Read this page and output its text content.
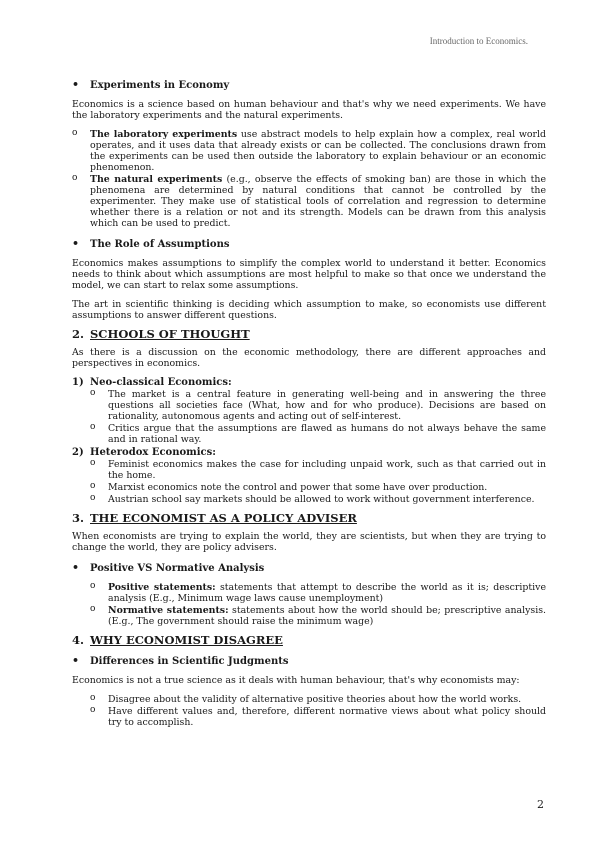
Introduction to Economics.
• Experiments in Economy

Economics is a science based on human behaviour and that's why we need experiments. We have the laboratory experiments and the natural experiments.

o The laboratory experiments use abstract models to help explain how a complex, real world operates, and it uses data that already exists or can be collected. The conclusions drawn from the experiments can be used then outside the laboratory to explain behaviour or an economic phenomenon.
o The natural experiments (e.g., observe the effects of smoking ban) are those in which the phenomena are determined by natural conditions that cannot be controlled by the experimenter. They make use of statistical tools of correlation and regression to determine whether there is a relation or not and its strength. Models can be drawn from this analysis which can be used to predict.
• The Role of Assumptions

Economics makes assumptions to simplify the complex world to understand it better. Economics needs to think about which assumptions are most helpful to make so that once we understand the model, we can start to relax some assumptions.

The art in scientific thinking is deciding which assumption to make, so economists use different assumptions to answer different questions.

2. SCHOOLS OF THOUGHT

As there is a discussion on the economic methodology, there are different approaches and perspectives in economics.

1) Neo-classical Economics:
o The market is a central feature in generating well-being and in answering the three questions all societies face (What, how and for who produce). Decisions are based on rationality, autonomous agents and acting out of self-interest.
o Critics argue that the assumptions are flawed as humans do not always behave the same and in rational way.
2) Heterodox Economics:
o Feminist economics makes the case for including unpaid work, such as that carried out in the home.
o Marxist economics note the control and power that some have over production.
o Austrian school say markets should be allowed to work without government interference.
3. THE ECONOMIST AS A POLICY ADVISER

When economists are trying to explain the world, they are scientists, but when they are trying to change the world, they are policy advisers.

• Positive VS Normative Analysis
o Positive statements: statements that attempt to describe the world as it is; descriptive analysis (E.g., Minimum wage laws cause unemployment)
o Normative statements: statements about how the world should be; prescriptive analysis. (E.g., The government should raise the minimum wage)
4. WHY ECONOMIST DISAGREE
• Differences in Scientific Judgments

Economics is not a true science as it deals with human behaviour, that's why economists may:

o Disagree about the validity of alternative positive theories about how the world works.
o Have different values and, therefore, different normative views about what policy should try to accomplish.
2
